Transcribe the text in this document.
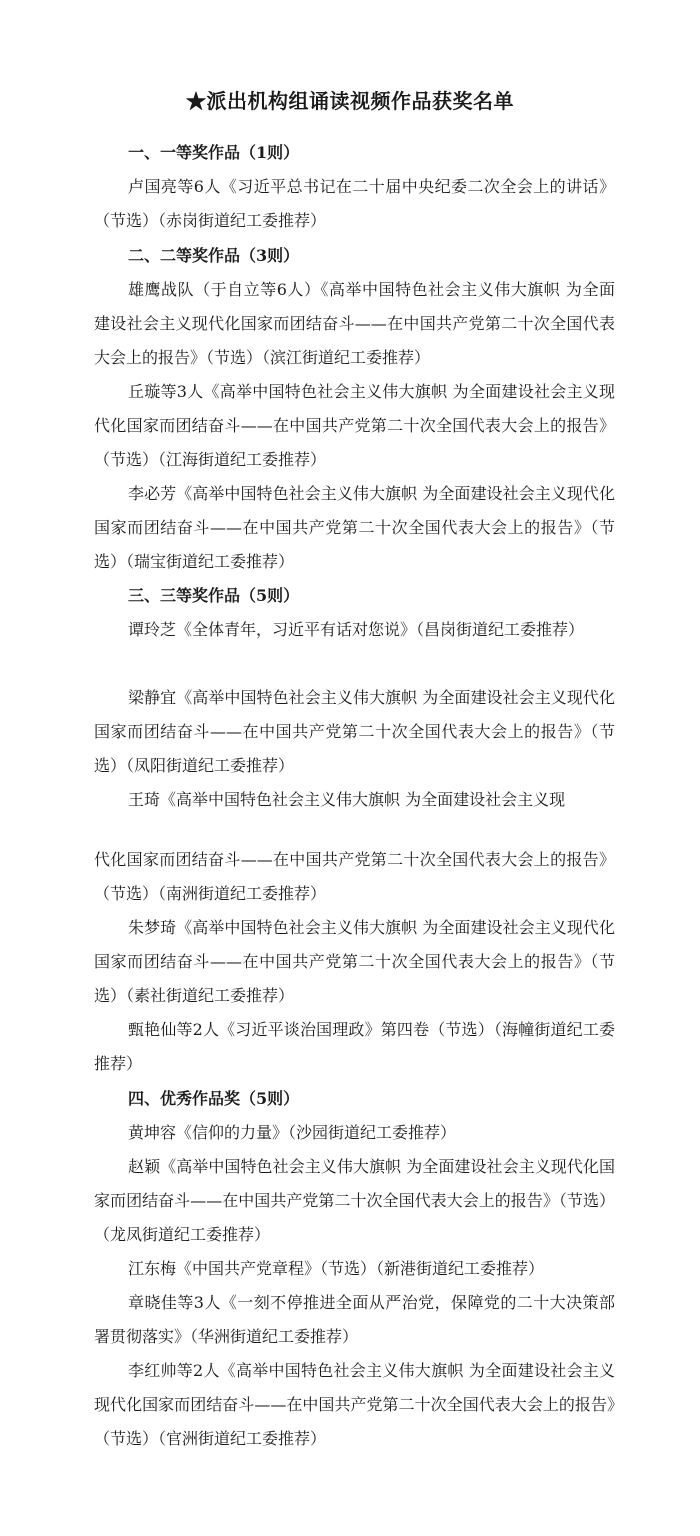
★派出机构组诵读视频作品获奖名单
一、一等奖作品（1则）

卢国亮等6人《习近平总书记在二十届中央纪委二次全会上的讲话》（节选）（赤岗街道纪工委推荐）

二、二等奖作品（3则）

雄鹰战队（于自立等6人）《高举中国特色社会主义伟大旗帜 为全面建设社会主义现代化国家而团结奋斗——在中国共产党第二十次全国代表大会上的报告》（节选）（滨江街道纪工委推荐）

丘璇等3人《高举中国特色社会主义伟大旗帜 为全面建设社会主义现代化国家而团结奋斗——在中国共产党第二十次全国代表大会上的报告》（节选）（江海街道纪工委推荐）

李必芳《高举中国特色社会主义伟大旗帜 为全面建设社会主义现代化国家而团结奋斗——在中国共产党第二十次全国代表大会上的报告》（节选）（瑞宝街道纪工委推荐）

三、三等奖作品（5则）

谭玲芝《全体青年，习近平有话对您说》（昌岗街道纪工委推荐）

梁静宜《高举中国特色社会主义伟大旗帜 为全面建设社会主义现代化国家而团结奋斗——在中国共产党第二十次全国代表大会上的报告》（节选）（凤阳街道纪工委推荐）

王琦《高举中国特色社会主义伟大旗帜 为全面建设社会主义现

代化国家而团结奋斗——在中国共产党第二十次全国代表大会上的报告》（节选）（南洲街道纪工委推荐）

朱梦琦《高举中国特色社会主义伟大旗帜 为全面建设社会主义现代化国家而团结奋斗——在中国共产党第二十次全国代表大会上的报告》（节选）（素社街道纪工委推荐）

甄艳仙等2人《习近平谈治国理政》第四卷（节选）（海幢街道纪工委推荐）

四、优秀作品奖（5则）

黄坤容《信仰的力量》（沙园街道纪工委推荐）

赵颖《高举中国特色社会主义伟大旗帜 为全面建设社会主义现代化国家而团结奋斗——在中国共产党第二十次全国代表大会上的报告》（节选）（龙凤街道纪工委推荐）

江东梅《中国共产党章程》（节选）（新港街道纪工委推荐）

章晓佳等3人《一刻不停推进全面从严治党，保障党的二十大决策部署贯彻落实》（华洲街道纪工委推荐）

李红帅等2人《高举中国特色社会主义伟大旗帜 为全面建设社会主义现代化国家而团结奋斗——在中国共产党第二十次全国代表大会上的报告》（节选）（官洲街道纪工委推荐）
